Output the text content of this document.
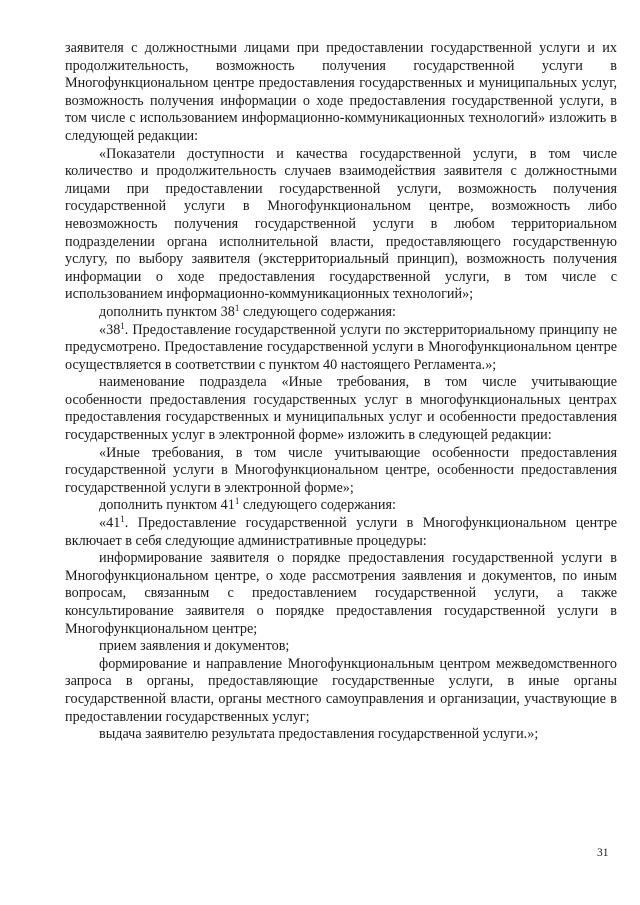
заявителя с должностными лицами при предоставлении государственной услуги и их продолжительность, возможность получения государственной услуги в Многофункциональном центре предоставления государственных и муниципальных услуг, возможность получения информации о ходе предоставления государственной услуги, в том числе с использованием информационно-коммуникационных технологий» изложить в следующей редакции:

«Показатели доступности и качества государственной услуги, в том числе количество и продолжительность случаев взаимодействия заявителя с должностными лицами при предоставлении государственной услуги, возможность получения государственной услуги в Многофункциональном центре, возможность либо невозможность получения государственной услуги в любом территориальном подразделении органа исполнительной власти, предоставляющего государственную услугу, по выбору заявителя (экстерриториальный принцип), возможность получения информации о ходе предоставления государственной услуги, в том числе с использованием информационно-коммуникационных технологий»;

дополнить пунктом $38^1$ следующего содержания:

«$38^1$. Предоставление государственной услуги по экстерриториальному принципу не предусмотрено. Предоставление государственной услуги в Многофункциональном центре осуществляется в соответствии с пунктом 40 настоящего Регламента.»;

наименование подраздела «Иные требования, в том числе учитывающие особенности предоставления государственных услуг в многофункциональных центрах предоставления государственных и муниципальных услуг и особенности предоставления государственных услуг в электронной форме» изложить в следующей редакции:

«Иные требования, в том числе учитывающие особенности предоставления государственной услуги в Многофункциональном центре, особенности предоставления государственной услуги в электронной форме»;

дополнить пунктом $41^1$ следующего содержания:

«$41^1$. Предоставление государственной услуги в Многофункциональном центре включает в себя следующие административные процедуры:

информирование заявителя о порядке предоставления государственной услуги в Многофункциональном центре, о ходе рассмотрения заявления и документов, по иным вопросам, связанным с предоставлением государственной услуги, а также консультирование заявителя о порядке предоставления государственной услуги в Многофункциональном центре;

прием заявления и документов;

формирование и направление Многофункциональным центром межведомственного запроса в органы, предоставляющие государственные услуги, в иные органы государственной власти, органы местного самоуправления и организации, участвующие в предоставлении государственных услуг;

выдача заявителю результата предоставления государственной услуги.»;

31
